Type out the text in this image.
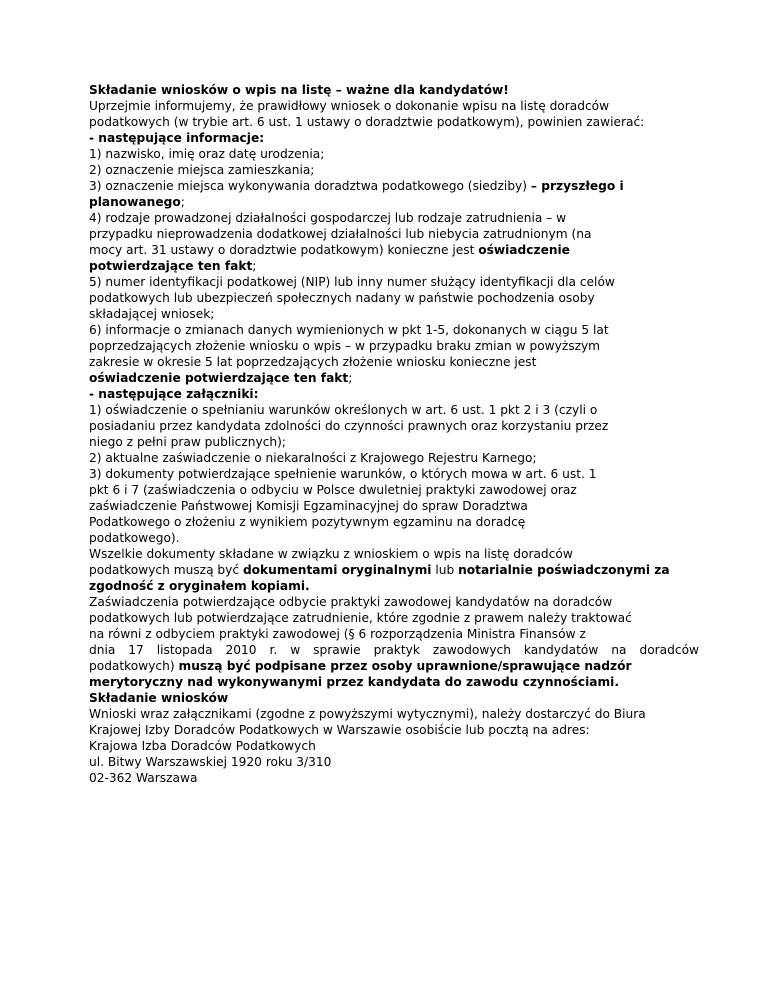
Składanie wniosków o wpis na listę – ważne dla kandydatów!
Uprzejmie informujemy, że prawidłowy wniosek o dokonanie wpisu na listę doradców
podatkowych (w trybie art. 6 ust. 1 ustawy o doradztwie podatkowym), powinien zawierać:
- następujące informacje:
1) nazwisko, imię oraz datę urodzenia;
2) oznaczenie miejsca zamieszkania;
3) oznaczenie miejsca wykonywania doradztwa podatkowego (siedziby) – przyszłego i
planowanego;
4) rodzaje prowadzonej działalności gospodarczej lub rodzaje zatrudnienia – w
przypadku nieprowadzenia dodatkowej działalności lub niebycia zatrudnionym (na
mocy art. 31 ustawy o doradztwie podatkowym) konieczne jest oświadczenie
potwierdzające ten fakt;
5) numer identyfikacji podatkowej (NIP) lub inny numer służący identyfikacji dla celów
podatkowych lub ubezpieczeń społecznych nadany w państwie pochodzenia osoby
składającej wniosek;
6) informacje o zmianach danych wymienionych w pkt 1-5, dokonanych w ciągu 5 lat
poprzedzających złożenie wniosku o wpis – w przypadku braku zmian w powyższym
zakresie w okresie 5 lat poprzedzających złożenie wniosku konieczne jest
oświadczenie potwierdzające ten fakt;
- następujące załączniki:
1) oświadczenie o spełnianiu warunków określonych w art. 6 ust. 1 pkt 2 i 3 (czyli o
posiadaniu przez kandydata zdolności do czynności prawnych oraz korzystaniu przez
niego z pełni praw publicznych);
2) aktualne zaświadczenie o niekaralności z Krajowego Rejestru Karnego;
3) dokumenty potwierdzające spełnienie warunków, o których mowa w art. 6 ust. 1
pkt 6 i 7 (zaświadczenia o odbyciu w Polsce dwuletniej praktyki zawodowej oraz
zaświadczenie Państwowej Komisji Egzaminacyjnej do spraw Doradztwa
Podatkowego o złożeniu z wynikiem pozytywnym egzaminu na doradcę
podatkowego).
Wszelkie dokumenty składane w związku z wnioskiem o wpis na listę doradców
podatkowych muszą być dokumentami oryginalnymi lub notarialnie poświadczonymi za
zgodność z oryginałem kopiami.
Zaświadczenia potwierdzające odbycie praktyki zawodowej kandydatów na doradców
podatkowych lub potwierdzające zatrudnienie, które zgodnie z prawem należy traktować
na równi z odbyciem praktyki zawodowej (§ 6 rozporządzenia Ministra Finansów z
dnia 17 listopada 2010 r. w sprawie praktyk zawodowych kandydatów na doradców
podatkowych) muszą być podpisane przez osoby uprawnione/sprawujące nadzór
merytoryczny nad wykonywanymi przez kandydata do zawodu czynnościami.
Składanie wniosków
Wnioski wraz załącznikami (zgodne z powyższymi wytycznymi), należy dostarczyć do Biura
Krajowej Izby Doradców Podatkowych w Warszawie osobiście lub pocztą na adres:
Krajowa Izba Doradców Podatkowych
ul. Bitwy Warszawskiej 1920 roku 3/310
02-362 Warszawa
